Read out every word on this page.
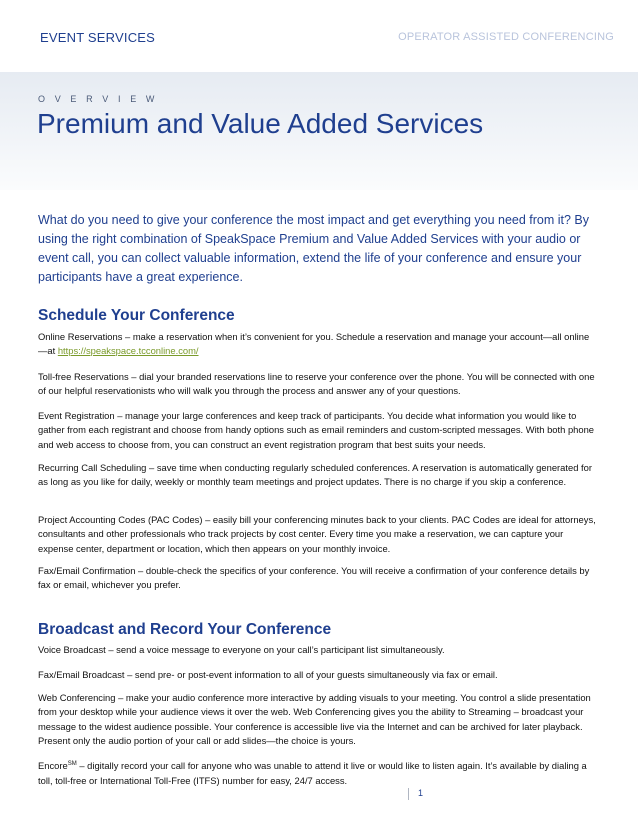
EVENT SERVICES	OPERATOR ASSISTED CONFERENCING
O V E R V I E W
Premium and Value Added Services
What do you need to give your conference the most impact and get everything you need from it? By using the right combination of SpeakSpace Premium and Value Added Services with your audio or event call, you can collect valuable information, extend the life of your conference and ensure your participants have a great experience.
Schedule Your Conference
Online Reservations – make a reservation when it’s convenient for you. Schedule a reservation and manage your account—all online—at https://speakspace.tcconline.com/
Toll-free Reservations – dial your branded reservations line to reserve your conference over the phone. You will be connected with one of our helpful reservationists who will walk you through the process and answer any of your questions.
Event Registration – manage your large conferences and keep track of participants. You decide what information you would like to gather from each registrant and choose from handy options such as email reminders and custom-scripted messages. With both phone and web access to choose from, you can construct an event registration program that best suits your needs.
Recurring Call Scheduling – save time when conducting regularly scheduled conferences. A reservation is automatically generated for as long as you like for daily, weekly or monthly team meetings and project updates. There is no charge if you skip a conference.
Project Accounting Codes (PAC Codes) – easily bill your conferencing minutes back to your clients. PAC Codes are ideal for attorneys, consultants and other professionals who track projects by cost center. Every time you make a reservation, we can capture your expense center, department or location, which then appears on your monthly invoice.
Fax/Email Confirmation – double-check the specifics of your conference. You will receive a confirmation of your conference details by fax or email, whichever you prefer.
Broadcast and Record Your Conference
Voice Broadcast – send a voice message to everyone on your call’s participant list simultaneously.
Fax/Email Broadcast – send pre- or post-event information to all of your guests simultaneously via fax or email.
Web Conferencing – make your audio conference more interactive by adding visuals to your meeting. You control a slide presentation from your desktop while your audience views it over the web. Web Conferencing gives you the ability to Streaming – broadcast your message to the widest audience possible. Your conference is accessible live via the Internet and can be archived for later playback. Present only the audio portion of your call or add slides—the choice is yours.
Encore℠ – digitally record your call for anyone who was unable to attend it live or would like to listen again. It’s available by dialing a toll, toll-free or International Toll-Free (ITFS) number for easy, 24/7 access.
1
